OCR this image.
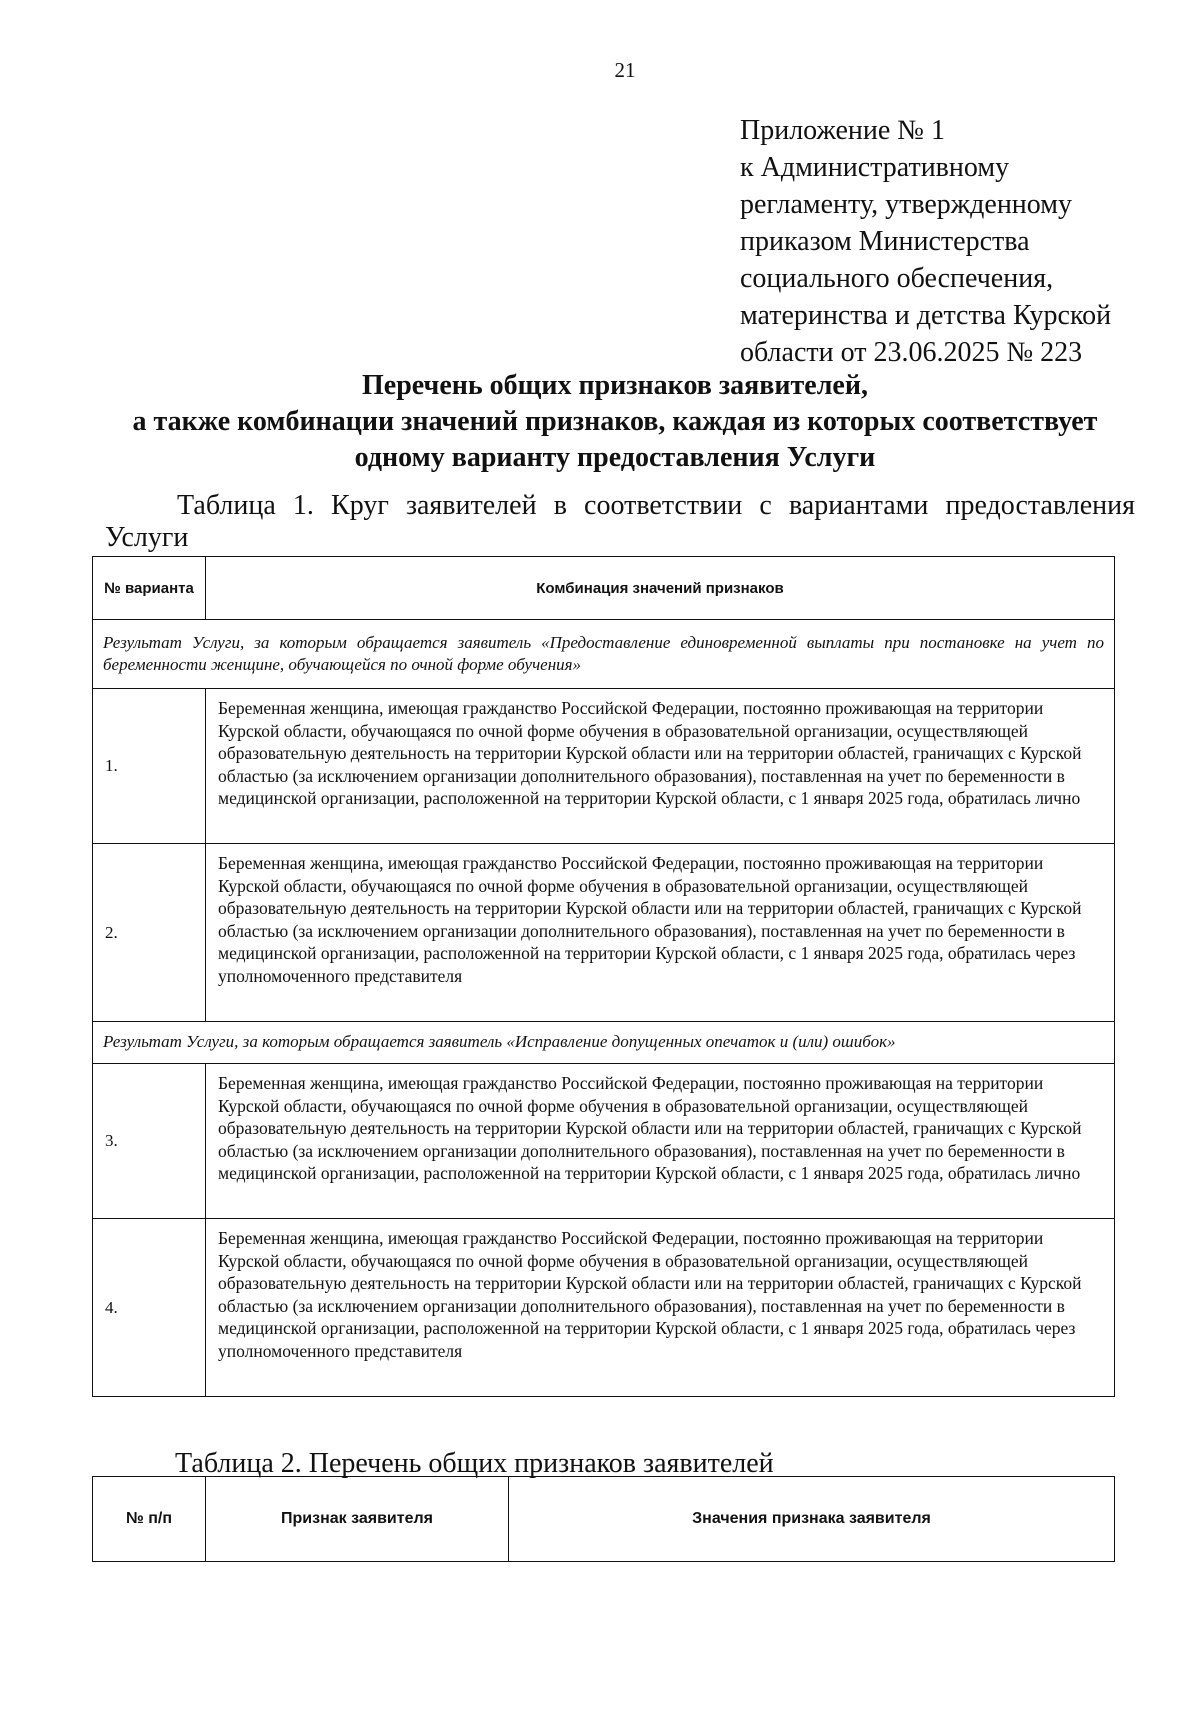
21
Приложение № 1
к Административному
регламенту, утвержденному
приказом Министерства
социального обеспечения,
материнства и детства Курской
области от 23.06.2025 № 223
Перечень общих признаков заявителей,
а также комбинации значений признаков, каждая из которых соответствует
одному варианту предоставления Услуги
Таблица 1. Круг заявителей в соответствии с вариантами предоставления
Услуги
№ варианта	Комбинация значений признаков
Результат Услуги, за которым обращается заявитель «Предоставление единовременной выплаты при постановке на учет по беременности женщине, обучающейся по очной форме обучения»	
1.	Беременная женщина, имеющая гражданство Российской Федерации, постоянно проживающая на территории Курской области, обучающаяся по очной форме обучения в образовательной организации, осуществляющей образовательную деятельность на территории Курской области или на территории областей, граничащих с Курской областью (за исключением организации дополнительного образования), поставленная на учет по беременности в медицинской организации, расположенной на территории Курской области, с 1 января 2025 года, обратилась лично
2.	Беременная женщина, имеющая гражданство Российской Федерации, постоянно проживающая на территории Курской области, обучающаяся по очной форме обучения в образовательной организации, осуществляющей образовательную деятельность на территории Курской области или на территории областей, граничащих с Курской областью (за исключением организации дополнительного образования), поставленная на учет по беременности в медицинской организации, расположенной на территории Курской области, с 1 января 2025 года, обратилась через уполномоченного представителя
Результат Услуги, за которым обращается заявитель «Исправление допущенных опечаток и (или) ошибок»	
3.	Беременная женщина, имеющая гражданство Российской Федерации, постоянно проживающая на территории Курской области, обучающаяся по очной форме обучения в образовательной организации, осуществляющей образовательную деятельность на территории Курской области или на территории областей, граничащих с Курской областью (за исключением организации дополнительного образования), поставленная на учет по беременности в медицинской организации, расположенной на территории Курской области, с 1 января 2025 года, обратилась лично
4.	Беременная женщина, имеющая гражданство Российской Федерации, постоянно проживающая на территории Курской области, обучающаяся по очной форме обучения в образовательной организации, осуществляющей образовательную деятельность на территории Курской области или на территории областей, граничащих с Курской областью (за исключением организации дополнительного образования), поставленная на учет по беременности в медицинской организации, расположенной на территории Курской области, с 1 января 2025 года, обратилась через уполномоченного представителя
Таблица 2. Перечень общих признаков заявителей
№ п/п	Признак заявителя	Значения признака заявителя
